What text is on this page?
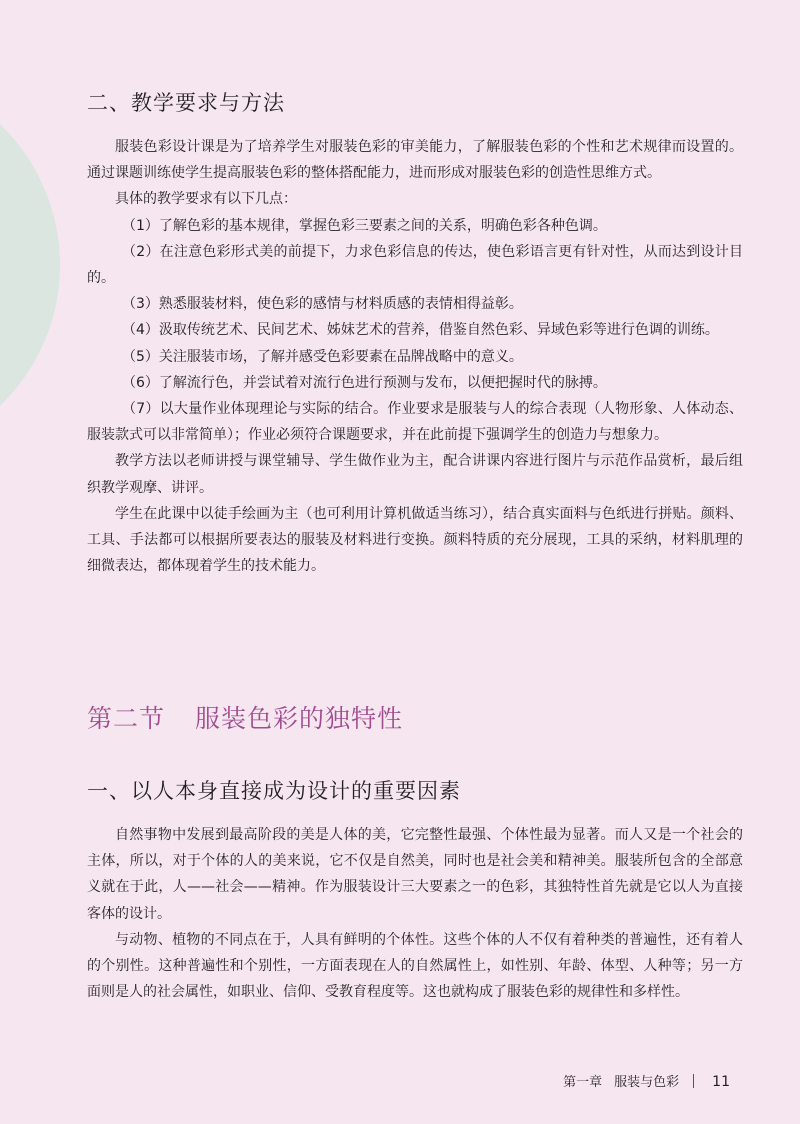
二、教学要求与方法

服装色彩设计课是为了培养学生对服装色彩的审美能力，了解服装色彩的个性和艺术规律而设置的。通过课题训练使学生提高服装色彩的整体搭配能力，进而形成对服装色彩的创造性思维方式。

具体的教学要求有以下几点：

（1）了解色彩的基本规律，掌握色彩三要素之间的关系，明确色彩各种色调。

（2）在注意色彩形式美的前提下，力求色彩信息的传达，使色彩语言更有针对性，从而达到设计目的。

（3）熟悉服装材料，使色彩的感情与材料质感的表情相得益彰。

（4）汲取传统艺术、民间艺术、姊妹艺术的营养，借鉴自然色彩、异域色彩等进行色调的训练。

（5）关注服装市场，了解并感受色彩要素在品牌战略中的意义。

（6）了解流行色，并尝试着对流行色进行预测与发布，以便把握时代的脉搏。

（7）以大量作业体现理论与实际的结合。作业要求是服装与人的综合表现（人物形象、人体动态、服装款式可以非常简单）；作业必须符合课题要求，并在此前提下强调学生的创造力与想象力。

教学方法以老师讲授与课堂辅导、学生做作业为主，配合讲课内容进行图片与示范作品赏析，最后组织教学观摩、讲评。

学生在此课中以徒手绘画为主（也可利用计算机做适当练习），结合真实面料与色纸进行拼贴。颜料、工具、手法都可以根据所要表达的服装及材料进行变换。颜料特质的充分展现，工具的采纳，材料肌理的细微表达，都体现着学生的技术能力。

第二节 服装色彩的独特性
一、以人本身直接成为设计的重要因素

自然事物中发展到最高阶段的美是人体的美，它完整性最强、个体性最为显著。而人又是一个社会的主体，所以，对于个体的人的美来说，它不仅是自然美，同时也是社会美和精神美。服装所包含的全部意义就在于此，人——社会——精神。作为服装设计三大要素之一的色彩，其独特性首先就是它以人为直接客体的设计。

与动物、植物的不同点在于，人具有鲜明的个体性。这些个体的人不仅有着种类的普遍性，还有着人的个别性。这种普遍性和个别性，一方面表现在人的自然属性上，如性别、年龄、体型、人种等；另一方面则是人的社会属性，如职业、信仰、受教育程度等。这也就构成了服装色彩的规律性和多样性。

第一章 服装与色彩 11
